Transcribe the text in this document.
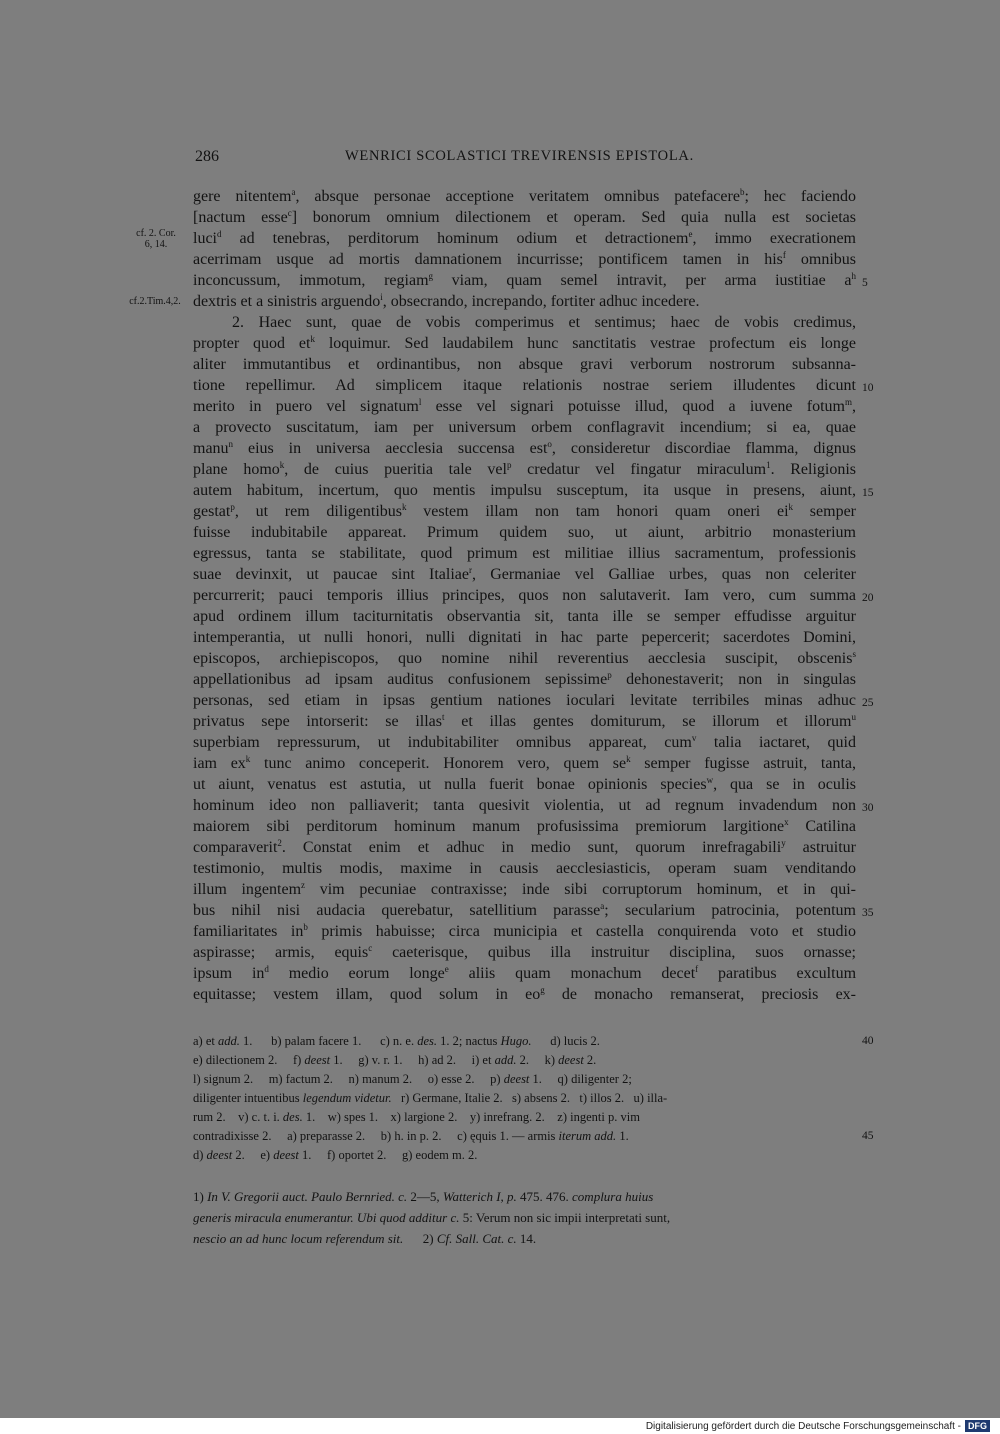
286	WENRICI SCOLASTICI TREVIRENSIS EPISTOLA.
cf. 2. Cor.
6, 14.
cf.2.Tim.4,2.
gere nitentem$^a$, absque personae acceptione veritatem omnibus patefacere$^b$; hec faciendo
[nactum esse$^c$] bonorum omnium dilectionem et operam. Sed quia nulla est societas
luci$^d$ ad tenebras, perditorum hominum odium et detractionem$^e$, immo execrationem
acerrimam usque ad mortis damnationem incurrisse; pontificem tamen in his$^f$ omnibus
inconcussum, immotum, regiam$^g$ viam, quam semel intravit, per arma iustitiae $a^h$
dextris et a sinistris arguendo$^i$, obsecrando, increpando, fortiter adhuc incedere.
2. Haec sunt, quae de vobis comperimus et sentimus; haec de vobis credimus,
propter quod $et^k$ loquimur. Sed laudabilem hunc sanctitatis vestrae profectum eis longe
aliter immutantibus et ordinantibus, non absque gravi verborum nostrorum subsanna-
tione repellimur. Ad simplicem itaque relationis nostrae seriem illudentes dicunt
merito in puero vel signatum$^l$ esse vel signari potuisse illud, quod a iuvene fotum$^m$,
a provecto suscitatum, iam per universum orbem conflagravit incendium; si ea, quae
manu$^n$ eius in universa aecclesia succensa est$^o$, consideretur discordiae flamma, dignus
plane homo$^k$, de cuius pueritia tale vel$^p$ credatur vel fingatur miraculum$^1$. Religionis
autem habitum, incertum, quo mentis impulsu susceptum, ita usque in presens, aiunt,
gestat$^p$, ut rem diligentibus$^k$ vestem illam non tam honori quam oneri $ei^k$ semper
fuisse indubitabile appareat. Primum quidem suo, ut aiunt, arbitrio monasterium
egressus, tanta se stabilitate, quod primum est militiae illius sacramentum, professionis
suae devinxit, ut paucae sint Italiae$^r$, Germaniae vel Galliae urbes, quas non celeriter
percurrerit; pauci temporis illius principes, quos non salutaverit. Iam vero, cum summa
apud ordinem illum taciturnitatis observantia sit, tanta ille se semper effudisse arguitur
intemperantia, ut nulli honori, nulli dignitati in hac parte pepercerit; sacerdotes Domini,
episcopos, archiepiscopos, quo nomine nihil reverentius aecclesia suscipit, obscenis$^s$
appellationibus ad ipsam auditus confusionem sepissime$^p$ dehonestaverit; non in singulas
personas, sed etiam in ipsas gentium nationes ioculari levitate terribiles minas adhuc
privatus sepe intorserit: se illas$^t$ et illas gentes domiturum, se illorum et illorum$^u$
superbiam repressurum, ut indubitabiliter omnibus appareat, cum$^v$ talia iactaret, quid
iam $ex^k$ tunc animo conceperit. Honorem vero, quem $se^k$ semper fugisse astruit, tanta,
ut aiunt, venatus est astutia, ut nulla fuerit bonae opinionis species$^w$, qua se in oculis
hominum ideo non palliaverit; tanta quesivit violentia, ut ad regnum invadendum non
maiorem sibi perditorum hominum manum profusissima premiorum largitione$^x$ Catilina
comparaverit$^2$. Constat enim et adhuc in medio sunt, quorum inrefragabili$^y$ astruitur
testimonio, multis modis, maxime in causis aecclesiasticis, operam suam venditando
illum ingentem$^z$ vim pecuniae contraxisse; inde sibi corruptorum hominum, et in qui-
bus nihil nisi audacia querebatur, satellitium parasse$^a$; secularium patrocinia, potentum
familiaritates $in^b$ primis habuisse; circa municipia et castella conquirenda voto et studio
aspirasse; armis, equis$^c$ caeterisque, quibus illa instruitur disciplina, suos ornasse;
ipsum $in^d$ medio eorum longe$^e$ aliis quam monachum decet$^f$ paratibus excultum
equitasse; vestem illam, quod solum in $eo^g$ de monacho remanserat, preciosis ex-
5
10
15
20
25
30
35
40
45
a) et add. 1.      b) palam facere 1.      c) n. e. des. 1. 2; nactus Hugo.      d) lucis 2.
e) dilectionem 2.     f) deest 1.     g) v. r. 1.     h) ad 2.     i) et add. 2.     k) deest 2.
l) signum 2.     m) factum 2.     n) manum 2.     o) esse 2.     p) deest 1.     q) diligenter 2;
diligenter intuentibus legendum videtur.   r) Germane, Italie 2.   s) absens 2.   t) illos 2.   u) illa-
rum 2.    v) c. t. i. des. 1.    w) spes 1.    x) largione 2.    y) inrefrang. 2.    z) ingenti p. vim
contradixisse 2.     a) preparasse 2.     b) h. in p. 2.     c) ęquis 1. — armis iterum add. 1.
d) deest 2.     e) deest 1.     f) oportet 2.     g) eodem m. 2.
1) In V. Gregorii auct. Paulo Bernried. c. 2—5, Watterich I, p. 475. 476. complura huius
generis miracula enumerantur. Ubi quod additur c. 5: Verum non sic impii interpretati sunt,
nescio an ad hunc locum referendum sit.      2) Cf. Sall. Cat. c. 14.
Digitalisierung gefördert durch die Deutsche Forschungsgemeinschaft - DFG
